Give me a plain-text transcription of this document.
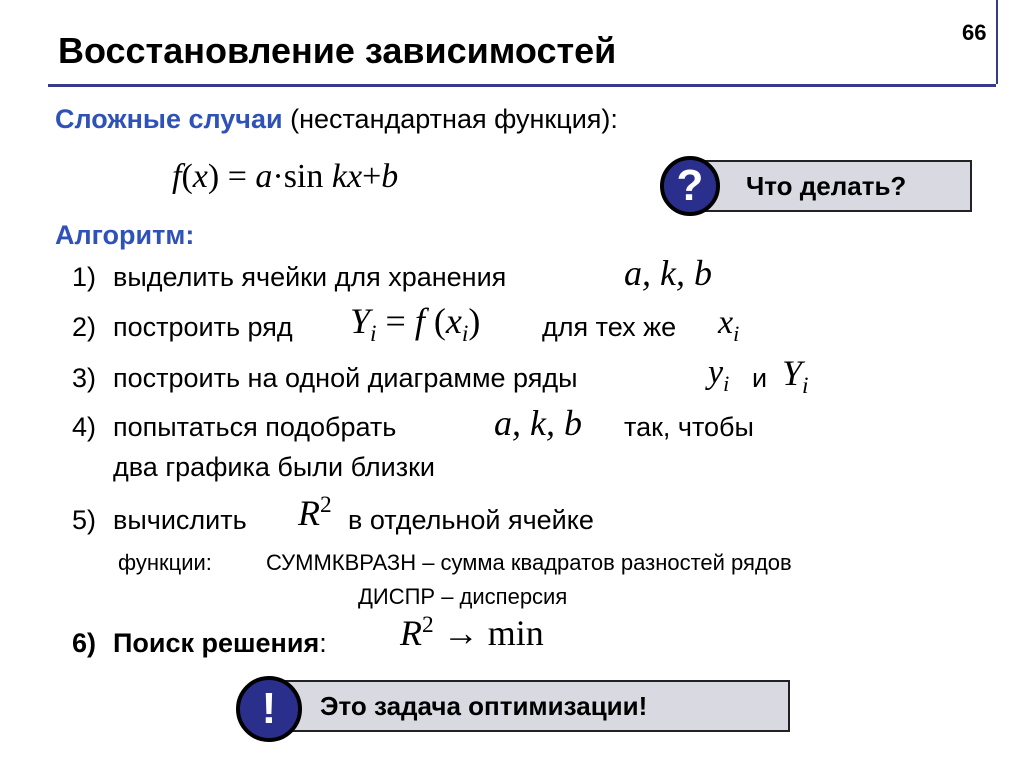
Восстановление зависимостей	66
Сложные случаи (нестандартная функция):
f(x) = a·sin kx+b	Что делать?
?
Алгоритм:
1) выделить ячейки для хранения	a, k, b
2) построить ряд $Y_i = f$ $(x_i)$ для тех же $x_i$
3) построить на одной диаграмме ряды	$y_i$ и $Y_i$
4) попытаться подобрать	a, k, b так, чтобы
два графика были близки
5) вычислить $R^2$ в отдельной ячейке
функции: СУММКВРАЗН – сумма квадратов разностей рядов
ДИСПР – дисперсия
6) Поиск решения: $R^2 \to \min$
Это задача оптимизации!
!
